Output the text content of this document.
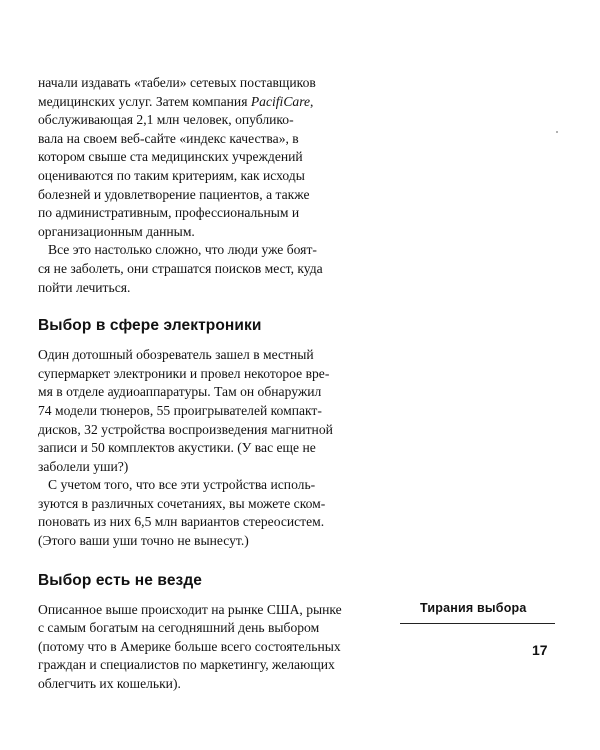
начали издавать «табели» сетевых поставщиков
медицинских услуг. Затем компания PacifiCare,
обслуживающая 2,1 млн человек, опублико-
вала на своем веб-сайте «индекс качества», в
котором свыше ста медицинских учреждений
оцениваются по таким критериям, как исходы
болезней и удовлетворение пациентов, а также
по административным, профессиональным и
организационным данным.

Все это настолько сложно, что люди уже боят-
ся не заболеть, они страшатся поисков мест, куда
пойти лечиться.

Выбор в сфере электроники

Один дотошный обозреватель зашел в местный
супермаркет электроники и провел некоторое вре-
мя в отделе аудиоаппаратуры. Там он обнаружил
74 модели тюнеров, 55 проигрывателей компакт-
дисков, 32 устройства воспроизведения магнитной
записи и 50 комплектов акустики. (У вас еще не
заболели уши?)

С учетом того, что все эти устройства исполь-
зуются в различных сочетаниях, вы можете ском-
поновать из них 6,5 млн вариантов стереосистем.
(Этого ваши уши точно не вынесут.)

Выбор есть не везде

Описанное выше происходит на рынке США, рынке
с самым богатым на сегодняшний день выбором
(потому что в Америке больше всего состоятельных
граждан и специалистов по маркетингу, желающих
облегчить их кошельки).

Тирания выбора
17
